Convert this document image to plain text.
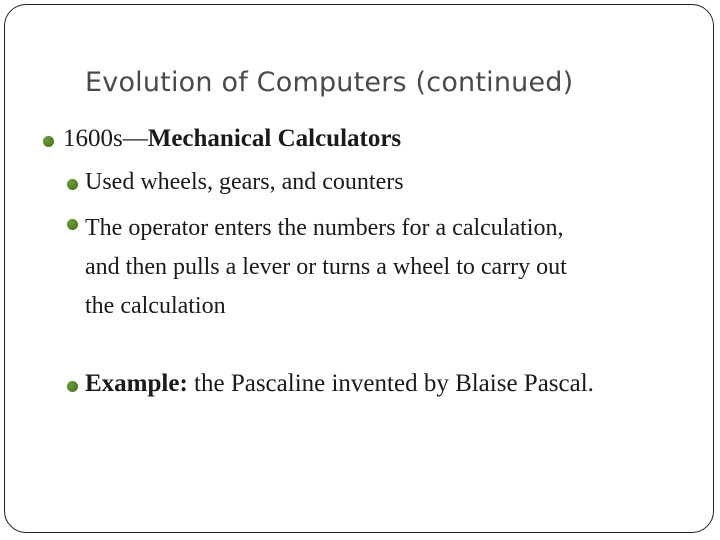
Evolution of Computers (continued)
1600s—Mechanical Calculators
Used wheels, gears, and counters
The operator enters the numbers for a calculation,
and then pulls a lever or turns a wheel to carry out
the calculation
Example: the Pascaline invented by Blaise Pascal.
